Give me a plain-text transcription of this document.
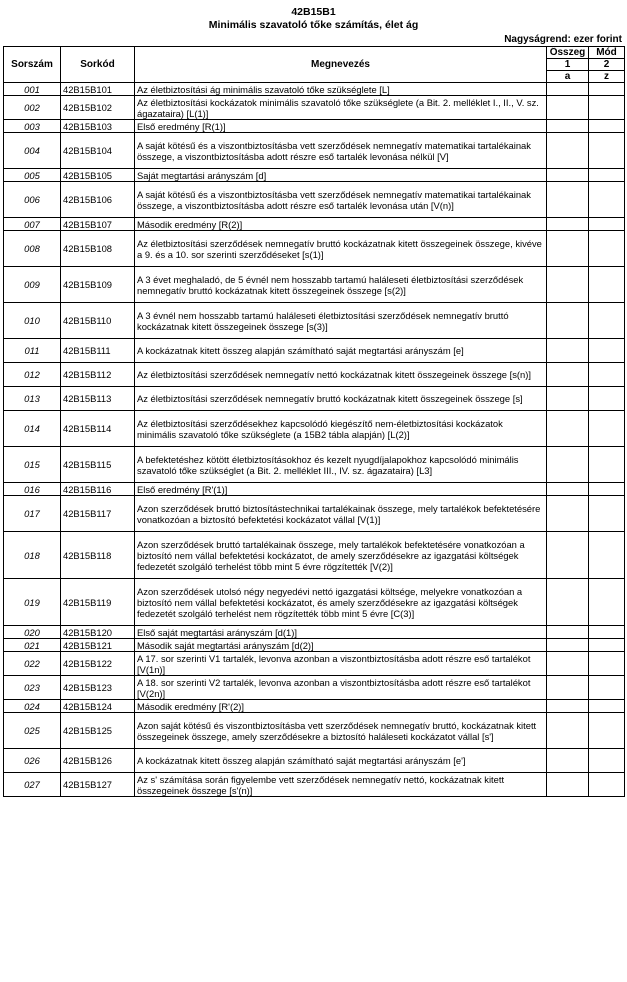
42B15B1
Minimális szavatoló tőke számítás, élet ág
Nagyságrend: ezer forint
Sorszám	Sorkód	Megnevezés	Összeg	Mód
			1	2
			a	z
001	42B15B101	Az életbiztosítási ág minimális szavatoló tőke szükséglete [L]		
002	42B15B102	Az életbiztosítási kockázatok minimális szavatoló tőke szükséglete (a Bit. 2. melléklet I., II., V. sz. ágazataira) [L(1)]		
003	42B15B103	Első eredmény [R(1)]		
004	42B15B104	A saját kötésű és a viszontbiztosításba vett szerződések nemnegatív matematikai tartalékainak összege, a viszontbiztosításba adott részre eső tartalék levonása nélkül [V]		
005	42B15B105	Saját megtartási arányszám [d]		
006	42B15B106	A saját kötésű és a viszontbiztosításba vett szerződések nemnegatív matematikai tartalékainak összege, a viszontbiztosításba adott részre eső tartalék levonása után [V(n)]		
007	42B15B107	Második eredmény [R(2)]		
008	42B15B108	Az életbiztosítási szerződések nemnegatív bruttó kockázatnak kitett összegeinek összege, kivéve a 9. és a 10. sor szerinti szerződéseket [s(1)]		
009	42B15B109	A 3 évet meghaladó, de 5 évnél nem hosszabb tartamú haláleseti életbiztosítási szerződések nemnegatív bruttó kockázatnak kitett összegeinek összege [s(2)]		
010	42B15B110	A 3 évnél nem hosszabb tartamú haláleseti életbiztosítási szerződések nemnegatív bruttó kockázatnak kitett összegeinek összege [s(3)]		
011	42B15B111	A kockázatnak kitett összeg alapján számítható saját megtartási arányszám [e]		
012	42B15B112	Az életbiztosítási szerződések nemnegatív nettó kockázatnak kitett összegeinek összege [s(n)]		
013	42B15B113	Az életbiztosítási szerződések nemnegatív bruttó kockázatnak kitett összegeinek összege [s]		
014	42B15B114	Az életbiztosítási szerződésekhez kapcsolódó kiegészítő nem-életbiztosítási kockázatok minimális szavatoló tőke szükséglete (a 15B2 tábla alapján) [L(2)]		
015	42B15B115	A befektetéshez kötött életbiztosításokhoz és kezelt nyugdíjalapokhoz kapcsolódó minimális szavatoló tőke szükséglet (a Bit. 2. melléklet III., IV. sz. ágazataira) [L3]		
016	42B15B116	Első eredmény [R'(1)]		
017	42B15B117	Azon szerződések bruttó biztosítástechnikai tartalékainak összege, mely tartalékok befektetésére vonatkozóan a biztosító befektetési kockázatot vállal [V(1)]		
018	42B15B118	Azon szerződések bruttó tartalékainak összege, mely tartalékok befektetésére vonatkozóan a biztosító nem vállal befektetési kockázatot, de amely szerződésekre az igazgatási költségek fedezetét szolgáló terhelést több mint 5 évre rögzítették [V(2)]		
019	42B15B119	Azon szerződések utolsó négy negyedévi nettó igazgatási költsége, melyekre vonatkozóan a biztosító nem vállal befektetési kockázatot, és amely szerződésekre az igazgatási költségek fedezetét szolgáló terhelést nem rögzítették több mint 5 évre [C(3)]		
020	42B15B120	Első saját megtartási arányszám [d(1)]		
021	42B15B121	Második saját megtartási arányszám [d(2)]		
022	42B15B122	A 17. sor szerinti V1 tartalék, levonva azonban a viszontbiztosításba adott részre eső tartalékot [V(1n)]		
023	42B15B123	A 18. sor szerinti V2 tartalék, levonva azonban a viszontbiztosításba adott részre eső tartalékot [V(2n)]		
024	42B15B124	Második eredmény [R'(2)]		
025	42B15B125	Azon saját kötésű és viszontbiztosításba vett szerződések nemnegatív bruttó, kockázatnak kitett összegeinek összege, amely szerződésekre a biztosító haláleseti kockázatot vállal [s']		
026	42B15B126	A kockázatnak kitett összeg alapján számítható saját megtartási arányszám [e']		
027	42B15B127	Az s' számítása során figyelembe vett szerződések nemnegatív nettó, kockázatnak kitett összegeinek összege [s'(n)]		
